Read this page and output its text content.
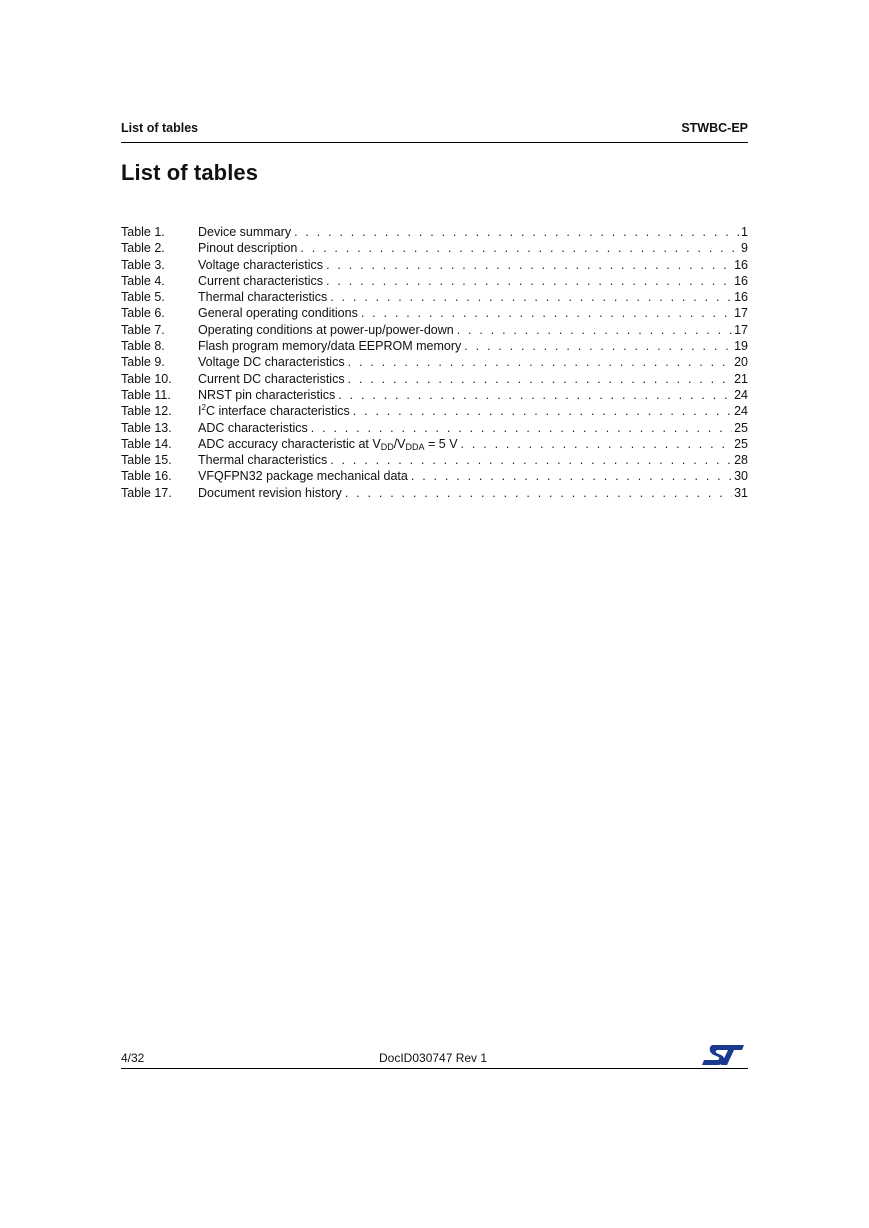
List of tables	STWBC-EP
List of tables
Table 1.	Device summary . . .	1
Table 2.	Pinout description . . .	9
Table 3.	Voltage characteristics . . .	16
Table 4.	Current characteristics . . .	16
Table 5.	Thermal characteristics . . .	16
Table 6.	General operating conditions . . .	17
Table 7.	Operating conditions at power-up/power-down . . .	17
Table 8.	Flash program memory/data EEPROM memory . . .	19
Table 9.	Voltage DC characteristics . . .	20
Table 10.	Current DC characteristics . . .	21
Table 11.	NRST pin characteristics . . .	24
Table 12.	$I^2C$ interface characteristics . . .	24
Table 13.	ADC characteristics . . .	25
Table 14.	ADC accuracy characteristic at $V_{DD}/V_{DDA} = 5$ V . . .	25
Table 15.	Thermal characteristics . . .	28
Table 16.	VFQFPN32 package mechanical data . . .	30
Table 17.	Document revision history . . .	31
4/32	DocID030747 Rev 1
